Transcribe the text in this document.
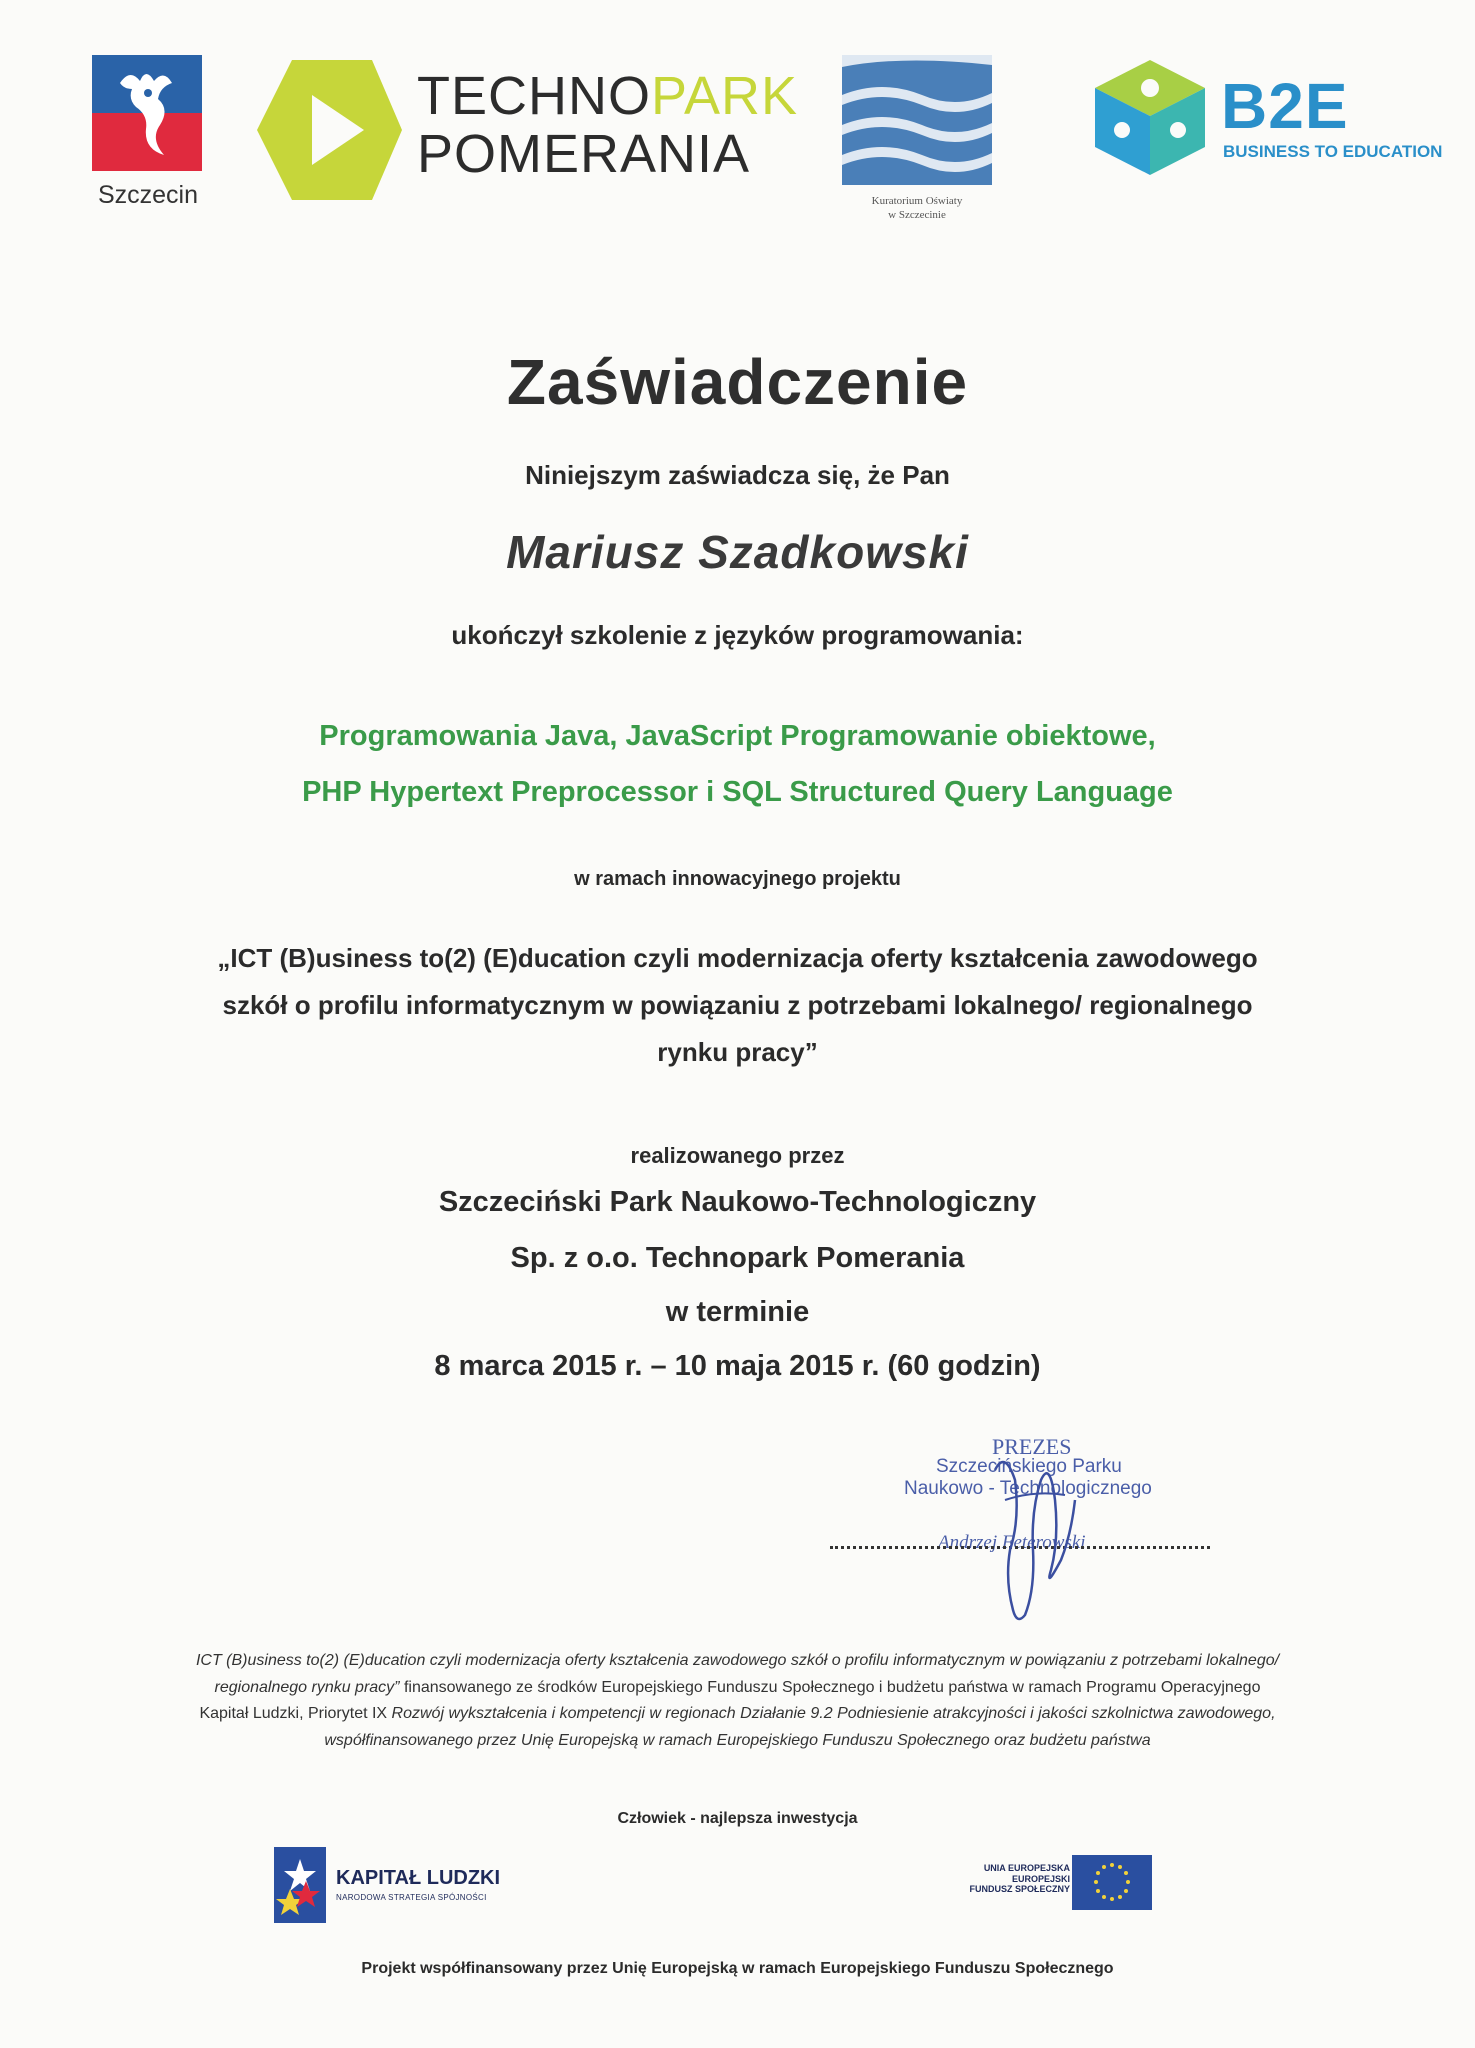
Szczecin
TECHNOPARK
POMERANIA
Kuratorium Oświaty
w Szczecinie
B2E
BUSINESS TO EDUCATION
Zaświadczenie
Niniejszym zaświadcza się, że Pan
Mariusz Szadkowski
ukończył szkolenie z języków programowania:
Programowania Java, JavaScript Programowanie obiektowe,
PHP Hypertext Preprocessor i SQL Structured Query Language
w ramach innowacyjnego projektu
„ICT (B)usiness to(2) (E)ducation czyli modernizacja oferty kształcenia zawodowego
szkół o profilu informatycznym w powiązaniu z potrzebami lokalnego/ regionalnego
rynku pracy”
realizowanego przez
Szczeciński Park Naukowo-Technologiczny
Sp. z o.o. Technopark Pomerania
w terminie
8 marca 2015 r. – 10 maja 2015 r. (60 godzin)
PREZES
Szczecińskiego Parku
Naukowo - Technologicznego
Andrzej Feterowski
ICT (B)usiness to(2) (E)ducation czyli modernizacja oferty kształcenia zawodowego szkół o profilu informatycznym w powiązaniu z potrzebami lokalnego/ regionalnego rynku pracy” finansowanego ze środków Europejskiego Funduszu Społecznego i budżetu państwa w ramach Programu Operacyjnego Kapitał Ludzki, Priorytet IX Rozwój wykształcenia i kompetencji w regionach Działanie 9.2 Podniesienie atrakcyjności i jakości szkolnictwa zawodowego, współfinansowanego przez Unię Europejską w ramach Europejskiego Funduszu Społecznego oraz budżetu państwa
Człowiek - najlepsza inwestycja
KAPITAŁ LUDZKI
NARODOWA STRATEGIA SPÓJNOŚCI
UNIA EUROPEJSKA
EUROPEJSKI
FUNDUSZ SPOŁECZNY
Projekt współfinansowany przez Unię Europejską w ramach Europejskiego Funduszu Społecznego
